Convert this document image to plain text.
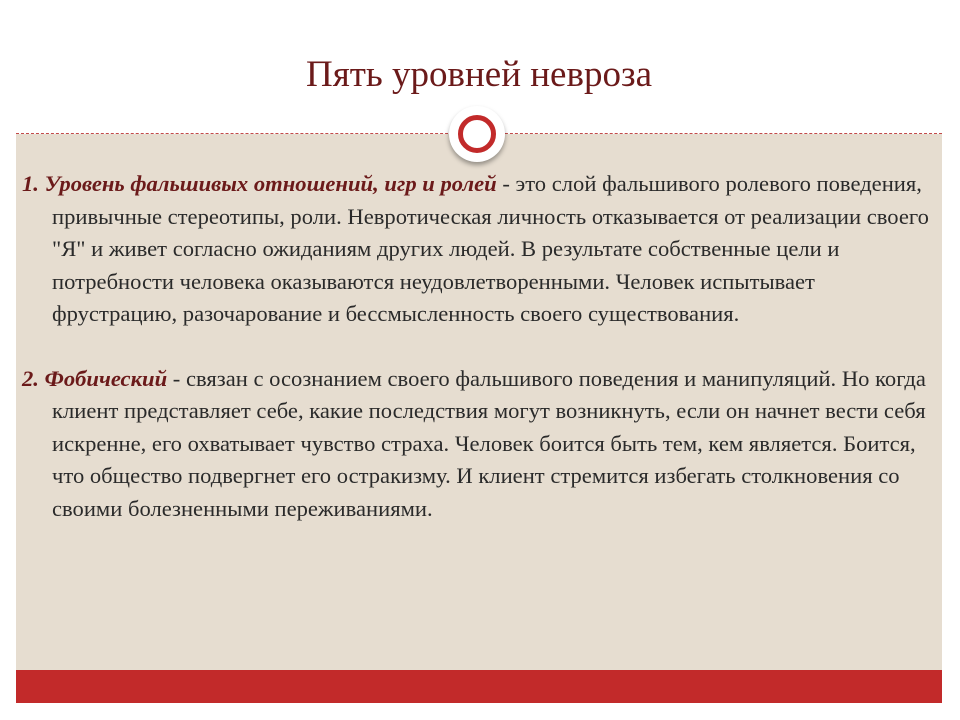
Пять уровней невроза

1. Уровень фальшивых отношений, игр и ролей - это слой фальшивого ролевого поведения, привычные стереотипы, роли. Невротическая личность отказывается от реализации своего "Я" и живет согласно ожиданиям других людей. В результате собственные цели и потребности человека оказываются неудовлетворенными. Человек испытывает фрустрацию, разочарование и бессмысленность своего существования.

2. Фобический - связан с осознанием своего фальшивого поведения и манипуляций. Но когда клиент представляет себе, какие последствия могут возникнуть, если он начнет вести себя искренне, его охватывает чувство страха. Человек боится быть тем, кем является. Боится, что общество подвергнет его остракизму. И клиент стремится избегать столкновения со своими болезненными переживаниями.
